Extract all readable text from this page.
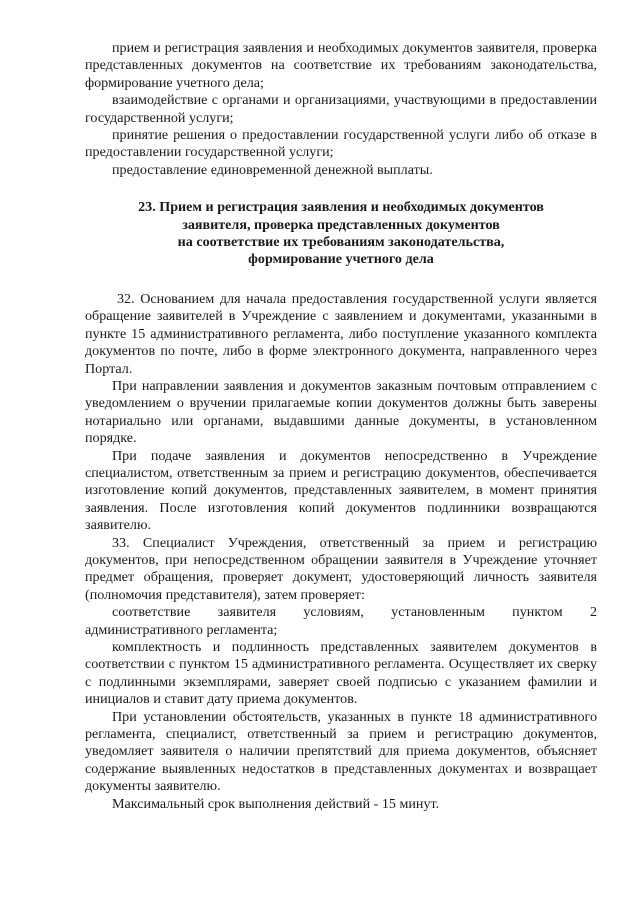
прием и регистрация заявления и необходимых документов заявителя, проверка представленных документов на соответствие их требованиям законодательства, формирование учетного дела;

взаимодействие с органами и организациями, участвующими в предоставлении государственной услуги;

принятие решения о предоставлении государственной услуги либо об отказе в предоставлении государственной услуги;

предоставление единовременной денежной выплаты.

23. Прием и регистрация заявления и необходимых документов
заявителя, проверка представленных документов
на соответствие их требованиям законодательства,
формирование учетного дела

32. Основанием для начала предоставления государственной услуги является обращение заявителей в Учреждение с заявлением и документами, указанными в пункте 15 административного регламента, либо поступление указанного комплекта документов по почте, либо в форме электронного документа, направленного через Портал.

При направлении заявления и документов заказным почтовым отправлением с уведомлением о вручении прилагаемые копии документов должны быть заверены нотариально или органами, выдавшими данные документы, в установленном порядке.

При подаче заявления и документов непосредственно в Учреждение специалистом, ответственным за прием и регистрацию документов, обеспечивается изготовление копий документов, представленных заявителем, в момент принятия заявления. После изготовления копий документов подлинники возвращаются заявителю.

33. Специалист Учреждения, ответственный за прием и регистрацию документов, при непосредственном обращении заявителя в Учреждение уточняет предмет обращения, проверяет документ, удостоверяющий личность заявителя (полномочия представителя), затем проверяет:

соответствие заявителя условиям, установленным пунктом 2 административного регламента;

комплектность и подлинность представленных заявителем документов в соответствии с пунктом 15 административного регламента. Осуществляет их сверку с подлинными экземплярами, заверяет своей подписью с указанием фамилии и инициалов и ставит дату приема документов.

При установлении обстоятельств, указанных в пункте 18 административного регламента, специалист, ответственный за прием и регистрацию документов, уведомляет заявителя о наличии препятствий для приема документов, объясняет содержание выявленных недостатков в представленных документах и возвращает документы заявителю.

Максимальный срок выполнения действий - 15 минут.
